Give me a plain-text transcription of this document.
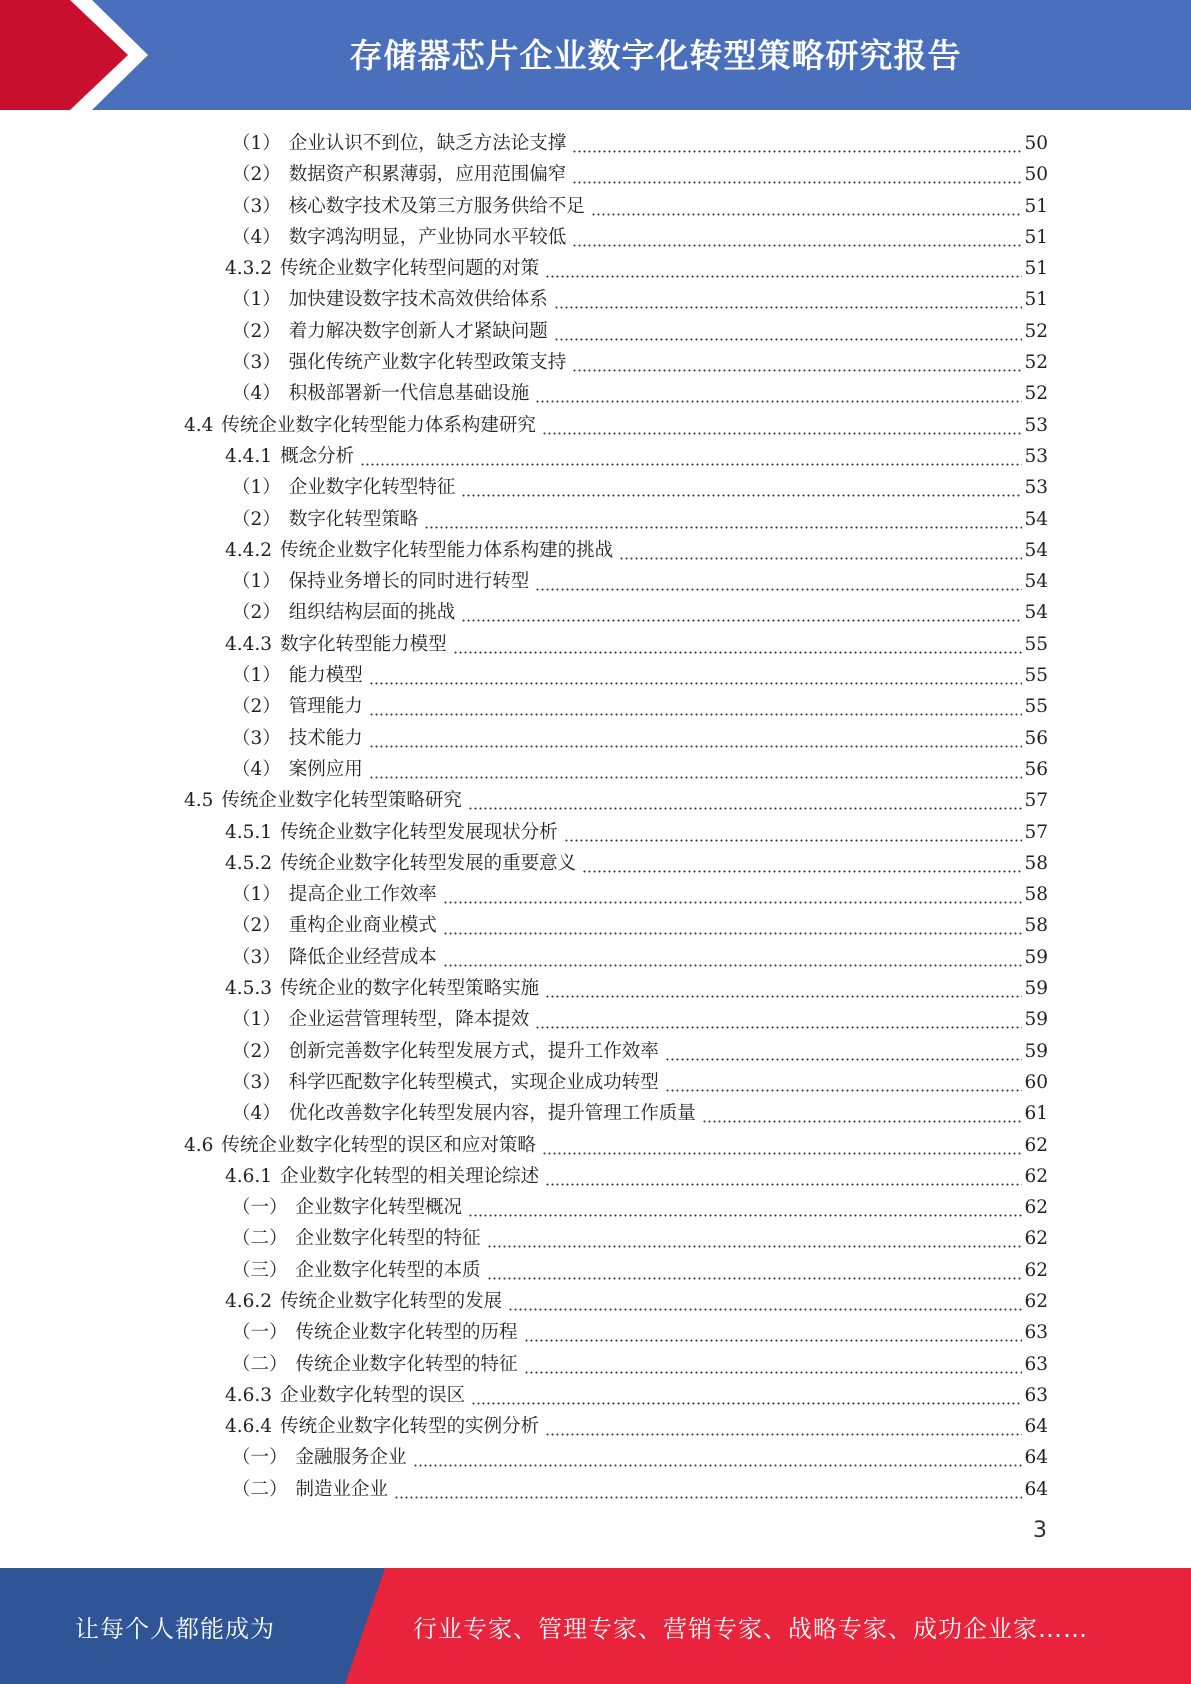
存储器芯片企业数字化转型策略研究报告
（1） 企业认识不到位，缺乏方法论支撑	50
（2） 数据资产积累薄弱，应用范围偏窄	50
（3） 核心数字技术及第三方服务供给不足	51
（4） 数字鸿沟明显，产业协同水平较低	51
4.3.2 传统企业数字化转型问题的对策	51
（1） 加快建设数字技术高效供给体系	51
（2） 着力解决数字创新人才紧缺问题	52
（3） 强化传统产业数字化转型政策支持	52
（4） 积极部署新一代信息基础设施	52
4.4 传统企业数字化转型能力体系构建研究	53
4.4.1 概念分析	53
（1） 企业数字化转型特征	53
（2） 数字化转型策略	54
4.4.2 传统企业数字化转型能力体系构建的挑战	54
（1） 保持业务增长的同时进行转型	54
（2） 组织结构层面的挑战	54
4.4.3 数字化转型能力模型	55
（1） 能力模型	55
（2） 管理能力	55
（3） 技术能力	56
（4） 案例应用	56
4.5 传统企业数字化转型策略研究	57
4.5.1 传统企业数字化转型发展现状分析	57
4.5.2 传统企业数字化转型发展的重要意义	58
（1） 提高企业工作效率	58
（2） 重构企业商业模式	58
（3） 降低企业经营成本	59
4.5.3 传统企业的数字化转型策略实施	59
（1） 企业运营管理转型，降本提效	59
（2） 创新完善数字化转型发展方式，提升工作效率	59
（3） 科学匹配数字化转型模式，实现企业成功转型	60
（4） 优化改善数字化转型发展内容，提升管理工作质量	61
4.6 传统企业数字化转型的误区和应对策略	62
4.6.1 企业数字化转型的相关理论综述	62
（一） 企业数字化转型概况	62
（二） 企业数字化转型的特征	62
（三） 企业数字化转型的本质	62
4.6.2 传统企业数字化转型的发展	62
（一） 传统企业数字化转型的历程	63
（二） 传统企业数字化转型的特征	63
4.6.3 企业数字化转型的误区	63
4.6.4 传统企业数字化转型的实例分析	64
（一） 金融服务企业	64
（二） 制造业企业	64
3
让每个人都能成为	行业专家、管理专家、营销专家、战略专家、成功企业家……
